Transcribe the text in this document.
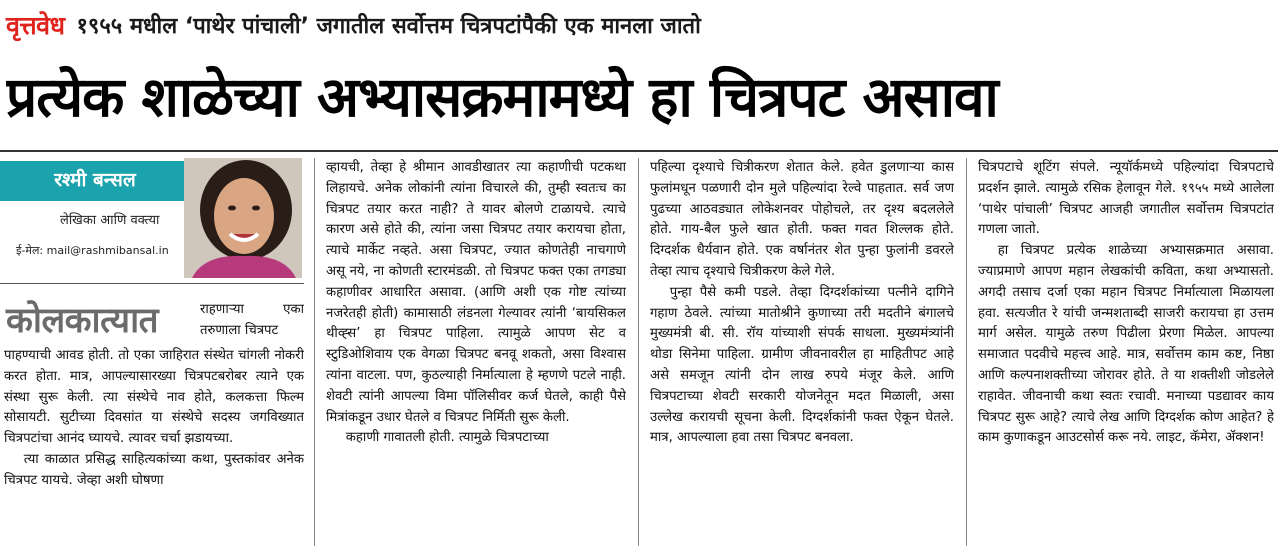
वृत्तवेध १९५५ मधील ‘पाथेर पांचाली’ जगातील सर्वोत्तम चित्रपटांपैकी एक मानला जातो
प्रत्येक शाळेच्या अभ्यासक्रमामध्ये हा चित्रपट असावा
रश्मी बन्सल
लेखिका आणि वक्त्या
ई-मेल: mail@rashmibansal.in
कोलकात्यात	राहणाऱ्या एका तरुणाला चित्रपट

पाहण्याची आवड होती. तो एका जाहिरात संस्थेत चांगली नोकरी करत होता. मात्र, आपल्यासारख्या चित्रपटबरोबर त्याने एक संस्था सुरू केली. त्या संस्थेचे नाव होते, कलकत्ता फिल्म सोसायटी. सुटीच्या दिवसांत या संस्थेचे सदस्य जगविख्यात चित्रपटांचा आनंद घ्यायचे. त्यावर चर्चा झडायच्या.

त्या काळात प्रसिद्ध साहित्यकांच्या कथा, पुस्तकांवर अनेक चित्रपट यायचे. जेव्हा अशी घोषणा

व्हायची, तेव्हा हे श्रीमान आवडीखातर त्या कहाणीची पटकथा लिहायचे. अनेक लोकांनी त्यांना विचारले की, तुम्ही स्वतःच का चित्रपट तयार करत नाही? ते यावर बोलणे टाळायचे. त्याचे कारण असे होते की, त्यांना जसा चित्रपट तयार करायचा होता, त्याचे मार्केट नव्हते. असा चित्रपट, ज्यात कोणतेही नाचगाणे असू नये, ना कोणती स्टारमंडळी. तो चित्रपट फक्त एका तगड्या कहाणीवर आधारित असावा. (आणि अशी एक गोष्ट त्यांच्या नजरेतही होती) कामासाठी लंडनला गेल्यावर त्यांनी ‘बायसिकल थीव्ह्स’ हा चित्रपट पाहिला. त्यामुळे आपण सेट व स्टुडिओशिवाय एक वेगळा चित्रपट बनवू शकतो, असा विश्वास त्यांना वाटला. पण, कुठल्याही निर्मात्याला हे म्हणणे पटले नाही. शेवटी त्यांनी आपल्या विमा पॉलिसीवर कर्ज घेतले, काही पैसे मित्रांकडून उधार घेतले व चित्रपट निर्मिती सुरू केली.

कहाणी गावातली होती. त्यामुळे चित्रपटाच्या

पहिल्या दृश्याचे चित्रीकरण शेतात केले. हवेत डुलणाऱ्या कास फुलांमधून पळणारी दोन मुले पहिल्यांदा रेल्वे पाहतात. सर्व जण पुढच्या आठवड्यात लोकेशनवर पोहोचले, तर दृश्य बदललेले होते. गाय-बैल फुले खात होती. फक्त गवत शिल्लक होते. दिग्दर्शक धैर्यवान होते. एक वर्षानंतर शेत पुन्हा फुलांनी डवरले तेव्हा त्याच दृश्याचे चित्रीकरण केले गेले.

पुन्हा पैसे कमी पडले. तेव्हा दिग्दर्शकांच्या पत्नीने दागिने गहाण ठेवले. त्यांच्या मातोश्रीने कुणाच्या तरी मदतीने बंगालचे मुख्यमंत्री बी. सी. रॉय यांच्याशी संपर्क साधला. मुख्यमंत्र्यांनी थोडा सिनेमा पाहिला. ग्रामीण जीवनावरील हा माहितीपट आहे असे समजून त्यांनी दोन लाख रुपये मंजूर केले. आणि चित्रपटाच्या शेवटी सरकारी योजनेतून मदत मिळाली, असा उल्लेख करायची सूचना केली. दिग्दर्शकांनी फक्त ऐकून घेतले. मात्र, आपल्याला हवा तसा चित्रपट बनवला.

चित्रपटाचे शूटिंग संपले. न्यूयॉर्कमध्ये पहिल्यांदा चित्रपटाचे प्रदर्शन झाले. त्यामुळे रसिक हेलावून गेले. १९५५ मध्ये आलेला ‘पाथेर पांचाली’ चित्रपट आजही जगातील सर्वोत्तम चित्रपटांत गणला जातो.

हा चित्रपट प्रत्येक शाळेच्या अभ्यासक्रमात असावा. ज्याप्रमाणे आपण महान लेखकांची कविता, कथा अभ्यासतो. अगदी तसाच दर्जा एका महान चित्रपट निर्मात्याला मिळायला हवा. सत्यजीत रे यांची जन्मशताब्दी साजरी करायचा हा उत्तम मार्ग असेल. यामुळे तरुण पिढीला प्रेरणा मिळेल. आपल्या समाजात पदवीचे महत्त्व आहे. मात्र, सर्वोत्तम काम कष्ट, निष्ठा आणि कल्पनाशक्तीच्या जोरावर होते. ते या शक्तीशी जोडलेले राहावेत. जीवनाची कथा स्वतः रचावी. मनाच्या पडद्यावर काय चित्रपट सुरू आहे? त्याचे लेख आणि दिग्दर्शक कोण आहेत? हे काम कुणाकडून आउटसोर्स करू नये. लाइट, कॅमेरा, ॲक्शन!
